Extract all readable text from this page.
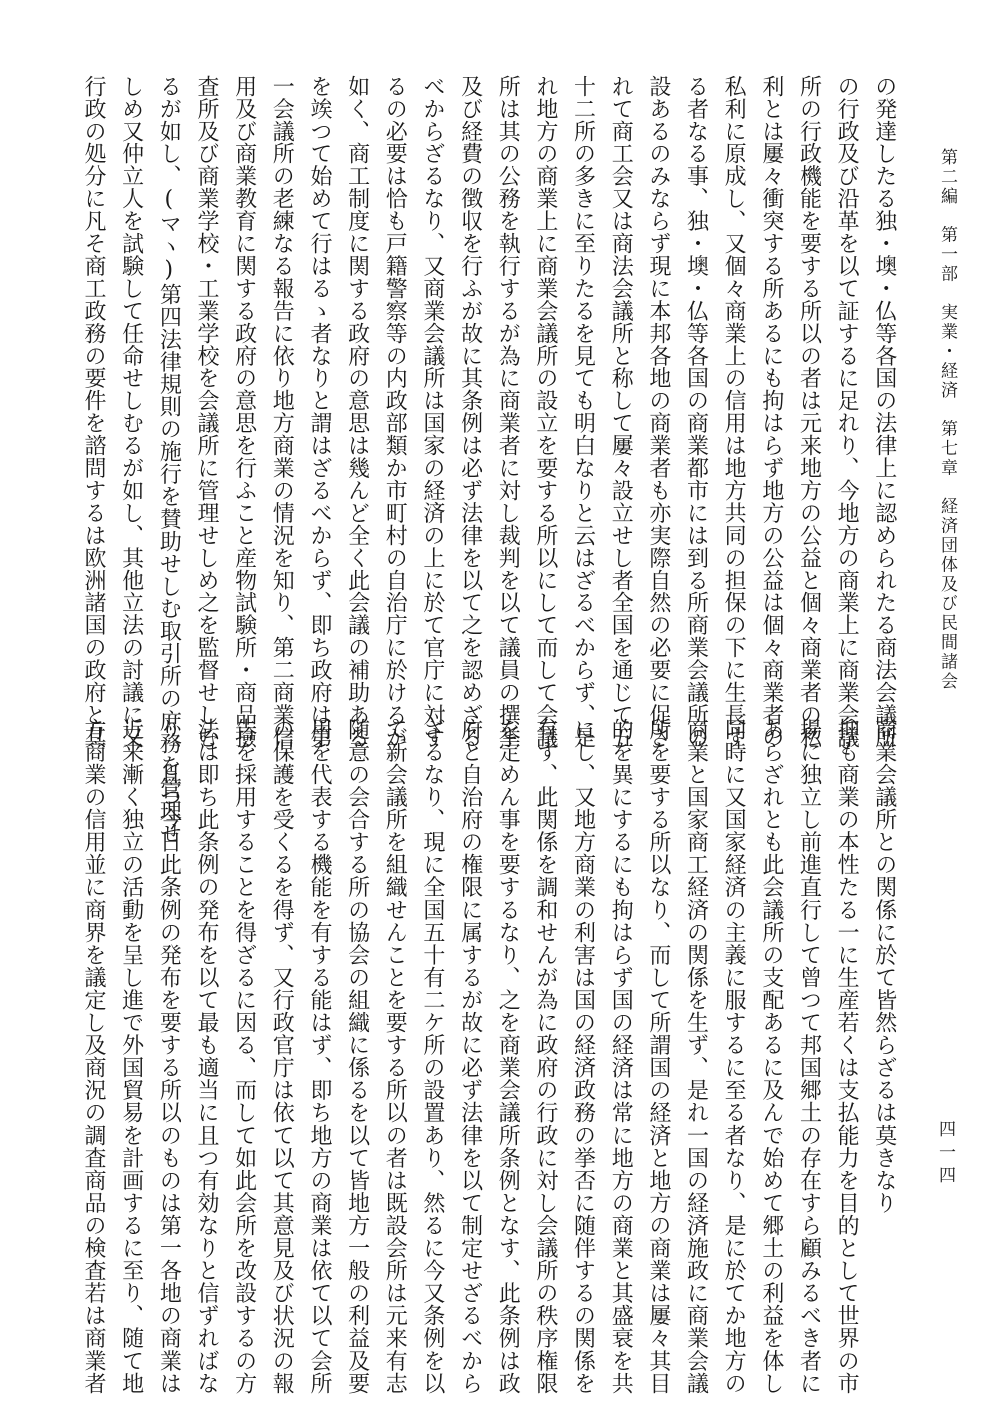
第二編　第一部　実業・経済　第七章　経済団体及び民間諸会
四一四
の発達したる独・墺・仏等各国の法律上に認められたる商法会議所
の行政及び沿革を以て証するに足れり、今地方の商業上に商業会議
所の行政機能を要する所以の者は元来地方の公益と個々商業者の私
利とは屢々衝突する所あるにも拘はらず地方の公益は個々商業者の
私利に原成し、又個々商業上の信用は地方共同の担保の下に生長す
る者なる事、独・墺・仏等各国の商業都市には到る所商業会議所の
設あるのみならず現に本邦各地の商業者も亦実際自然の必要に促さ
れて商工会又は商法会議所と称して屢々設立せし者全国を通じて五
十二所の多きに至りたるを見ても明白なりと云はざるべからず、是
れ地方の商業上に商業会議所の設立を要する所以にして而して会議
所は其の公務を執行するが為に商業者に対し裁判を以て議員の撰挙
及び経費の徴収を行ふが故に其条例は必ず法律を以て之を認めざる
べからざるなり、又商業会議所は国家の経済の上に於て官庁に対す
るの必要は恰も戸籍警察等の内政部類か市町村の自治庁に於けるが
如く、商工制度に関する政府の意思は幾んど全く此会議の補助ある
を竢つて始めて行はるゝ者なりと謂はざるべからず、即ち政府は第
一会議所の老練なる報告に依り地方商業の情況を知り、第二商業信
用及び商業教育に関する政府の意思を行ふこと産物試験所・商品撿
査所及び商業学校・工業学校を会議所に管理せしめ之を監督せしむ
るが如し、(マヽ)第四法律規則の施行を賛助せしむ取引所の庶務を管理せ
しめ又仲立人を試験して任命せしむるが如し、其他立法の討議に又
行政の処分に凡そ商工政務の要件を諮問するは欧洲諸国の政府と其
商業会議所との関係に於て皆然らざるは莫きなり
抑も商業の本性たる一に生産若くは支払能力を目的として世界の市
場に独立し前進直行して曾つて邦国郷土の存在すら顧みるべき者に
あらざれとも此会議所の支配あるに及んで始めて郷土の利益を体し
同時に又国家経済の主義に服するに至る者なり、是に於てか地方の
商業と国家商工経済の関係を生ず、是れ一国の経済施政に商業会議
所を要する所以なり、而して所謂国の経済と地方の商業は屢々其目
的を異にするにも拘はらず国の経済は常に地方の商業と其盛衰を共
にし、又地方商業の利害は国の経済政務の挙否に随伴するの関係を
有す、此関係を調和せんが為に政府の行政に対し会議所の秩序権限
を定めん事を要するなり、之を商業会議所条例となす、此条例は政
府と自治府の権限に属するが故に必ず法律を以て制定せざるべから
ざるなり、現に全国五十有二ケ所の設置あり、然るに今又条例を以
て新会議所を組織せんことを要する所以の者は既設会所は元来有志
随意の会合する所の協会の組織に係るを以て皆地方一般の利益及要
用を代表する機能を有する能はず、即ち地方の商業は依て以て会所
の保護を受くるを得ず、又行政官庁は依て以て其意見及び状況の報
告を採用することを得ざるに因る、而して如此会所を改設するの方
法は即ち此条例の発布を以て最も適当に且つ有効なりと信ずればな
り、且つ今日此条例の発布を要する所以のものは第一各地の商業は
近来漸く独立の活動を呈し進で外国貿易を計画するに至り、随て地
方商業の信用並に商界を議定し及商況の調査商品の検査若は商業者
